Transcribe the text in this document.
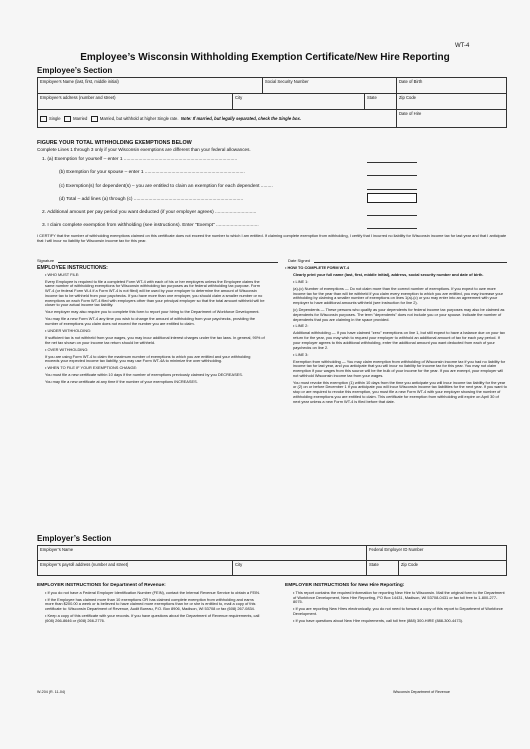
WT-4
Employee’s Wisconsin Withholding Exemption Certificate/New Hire Reporting
Employee’s Section
Employee’s Name (last, first, middle initial)		Social Security Number		Date of Birth
Employee’s address (number and street)	City		State	Zip Code
Single Married Married, but withhold at higher Single rate. Note: If married, but legally separated, check the Single box.				Date of Hire
FIGURE YOUR TOTAL WITHHOLDING EXEMPTIONS BELOW
Complete Lines 1 through 3 only if your Wisconsin exemptions are different than your federal allowances.
1. (a) Exemption for yourself – enter 1 .....................................................................................
(b) Exemption for your spouse – enter 1 ...........................................................................
(c) Exemption(s) for dependent(s) – you are entitled to claim an exemption for each dependent .........
(d) Total – add lines (a) through (c) ..................................................................................
2. Additional amount per pay period you want deducted (if your employer agrees) ...............................
3. I claim complete exemption from withholding (see instructions). Enter "Exempt" ................................
I CERTIFY that the number of withholding exemptions claimed on this certificate does not exceed the number to which I am entitled. If claiming complete exemption from withholding, I certify that I incurred no liability for Wisconsin income tax for last year and that I anticipate that I will incur no liability for Wisconsin income tax for this year.
Signature	Date Signed
EMPLOYEE INSTRUCTIONS:

• WHO MUST FILE:

Every Employee is required to file a completed Form WT-4 with each of his or her employers unless the Employee claims the same number of withholding exemptions for Wisconsin withholding tax purposes as for federal withholding tax purpose. Form WT-4 (or federal Form W-4 if a Form WT-4 is not filed) will be used by your employer to determine the amount of Wisconsin income tax to be withheld from your paychecks. If you have more than one employer, you should claim a smaller number or no exemptions on each Form WT-4 filed with employers other than your principal employer so that the total amount withheld will be closer to your actual income tax liability.

Your employer may also require you to complete this form to report your hiring to the Department of Workforce Development.

You may file a new Form WT-4 any time you wish to change the amount of withholding from your paychecks, providing the number of exemptions you claim does not exceed the number you are entitled to claim.

• UNDER WITHHOLDING:

If sufficient tax is not withheld from your wages, you may incur additional interest charges under the tax laws. In general, 90% of the net tax shown on your income tax return should be withheld.

• OVER WITHHOLDING:

If you are using Form WT-4 to claim the maximum number of exemptions to which you are entitled and your withholding exceeds your expected income tax liability, you may use Form WT-4A to minimize the over withholding.

• WHEN TO FILE IF YOUR EXEMPTIONS CHANGE:

You must file a new certificate within 10 days if the number of exemptions previously claimed by you DECREASES.

You may file a new certificate at any time if the number of your exemptions INCREASES.

• HOW TO COMPLETE FORM WT-4

Clearly print your full name (last, first, middle initial), address, social security number and date of birth.

• LINE 1:

(a)-(c) Number of exemptions — Do not claim more than the correct number of exemptions. If you expect to owe more income tax for the year than will be withheld if you claim every exemption to which you are entitled, you may increase your withholding by claiming a smaller number of exemptions on lines 1(a)-(c) or you may enter into an agreement with your employer to have additional amounts withheld (see instruction for line 2).

(c) Dependents — These persons who qualify as your dependents for federal income tax purposes may also be claimed as dependents for Wisconsin purposes. The term "dependents" does not include you or your spouse. Indicate the number of dependents that you are claiming in the space provided.

• LINE 2:

Additional withholding — If you have claimed "zero" exemptions on line 1, but still expect to have a balance due on your tax return for the year, you may wish to request your employer to withhold an additional amount of tax for each pay period. If your employer agrees to this additional withholding, enter the additional amount you want deducted from each of your paychecks on line 2.

• LINE 3:

Exemption from withholding — You may claim exemption from withholding of Wisconsin income tax if you had no liability for income tax for last year, and you anticipate that you will incur no liability for income tax for this year. You may not claim exemption if your wages from this source will be the bulk of your income for the year. If you are exempt, your employer will not withhold Wisconsin income tax from your wages.

You must revoke this exemption (1) within 10 days from the time you anticipate you will incur income tax liability for the year or (2) on or before December 1 if you anticipate you will incur Wisconsin income tax liabilities for the next year. If you want to stop or are required to revoke this exemption, you must file a new Form WT-4 with your employer showing the number of withholding exemptions you are entitled to claim. This certificate for exemption from withholding will expire on April 30 of next year unless a new Form WT-4 is filed before that date.

Employer’s Section
Employer’s Name		Federal Employer ID Number	
Employer’s payroll address (number and street)	City	State	Zip Code
EMPLOYER INSTRUCTIONS for Department of Revenue:

• If you do not have a Federal Employer Identification Number (FEIN), contact the Internal Revenue Service to obtain a FEIN.

• If the Employee has claimed more than 10 exemptions OR has claimed complete exemption from withholding and earns more than $200.00 a week or is believed to have claimed more exemptions than he or she is entitled to, mail a copy of this certificate to: Wisconsin Department of Revenue, Audit Bureau, P.O. Box 8906, Madison, WI 53708 or fax (608) 267-0834.

• Keep a copy of this certificate with your records. If you have questions about the Department of Revenue requirements, call (608) 266-8646 or (608) 266-2776.

EMPLOYER INSTRUCTIONS for New Hire Reporting:

• This report contains the required information for reporting New Hire to Wisconsin. Mail the original form to the Department of Workforce Development, New Hire Reporting, PO Box 14431, Madison, WI 53708-0431 or fax toll free to 1-800-277-8075.

• If you are reporting New Hires electronically, you do not need to forward a copy of this report to Department of Workforce Development.

• If you have questions about New Hire requirements, call toll free (888) 300-HIRE (888-300-4473).

W-204 (R. 11-04)	Wisconsin Department of Revenue
